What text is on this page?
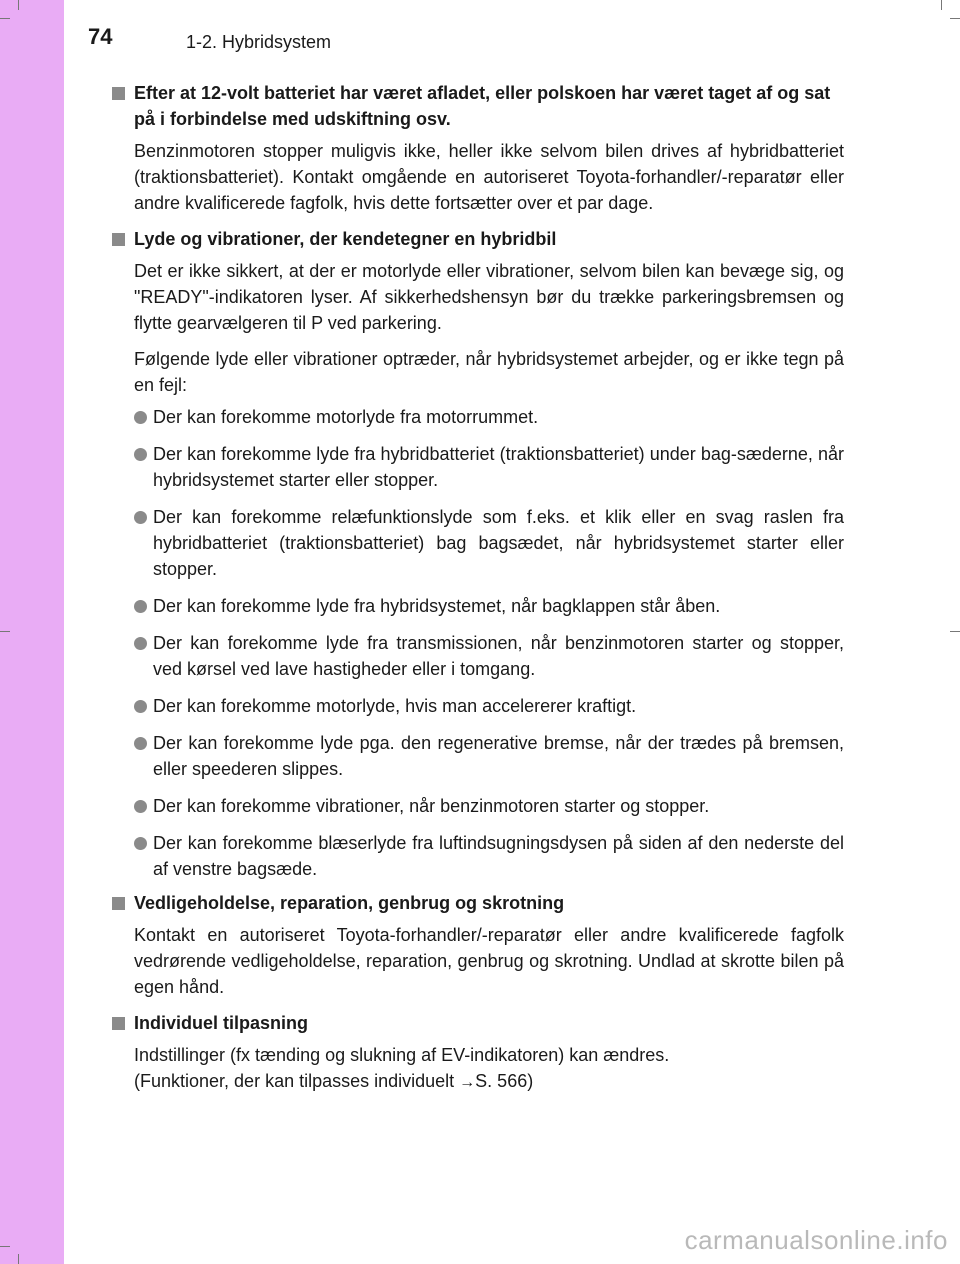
74	1-2. Hybridsystem
Efter at 12-volt batteriet har været afladet, eller polskoen har været taget af og sat på i forbindelse med udskiftning osv.
Benzinmotoren stopper muligvis ikke, heller ikke selvom bilen drives af hybridbatteriet (traktionsbatteriet). Kontakt omgående en autoriseret Toyota-forhandler/-reparatør eller andre kvalificerede fagfolk, hvis dette fortsætter over et par dage.
Lyde og vibrationer, der kendetegner en hybridbil
Det er ikke sikkert, at der er motorlyde eller vibrationer, selvom bilen kan bevæge sig, og "READY"-indikatoren lyser. Af sikkerhedshensyn bør du trække parkeringsbremsen og flytte gearvælgeren til P ved parkering.
Følgende lyde eller vibrationer optræder, når hybridsystemet arbejder, og er ikke tegn på en fejl:
Der kan forekomme motorlyde fra motorrummet.
Der kan forekomme lyde fra hybridbatteriet (traktionsbatteriet) under bag-sæderne, når hybridsystemet starter eller stopper.
Der kan forekomme relæfunktionslyde som f.eks. et klik eller en svag raslen fra hybridbatteriet (traktionsbatteriet) bag bagsædet, når hybridsystemet starter eller stopper.
Der kan forekomme lyde fra hybridsystemet, når bagklappen står åben.
Der kan forekomme lyde fra transmissionen, når benzinmotoren starter og stopper, ved kørsel ved lave hastigheder eller i tomgang.
Der kan forekomme motorlyde, hvis man accelererer kraftigt.
Der kan forekomme lyde pga. den regenerative bremse, når der trædes på bremsen, eller speederen slippes.
Der kan forekomme vibrationer, når benzinmotoren starter og stopper.
Der kan forekomme blæserlyde fra luftindsugningsdysen på siden af den nederste del af venstre bagsæde.
Vedligeholdelse, reparation, genbrug og skrotning
Kontakt en autoriseret Toyota-forhandler/-reparatør eller andre kvalificerede fagfolk vedrørende vedligeholdelse, reparation, genbrug og skrotning. Undlad at skrotte bilen på egen hånd.
Individuel tilpasning
Indstillinger (fx tænding og slukning af EV-indikatoren) kan ændres.
(Funktioner, der kan tilpasses individuelt →S. 566)
carmanualsonline.info
